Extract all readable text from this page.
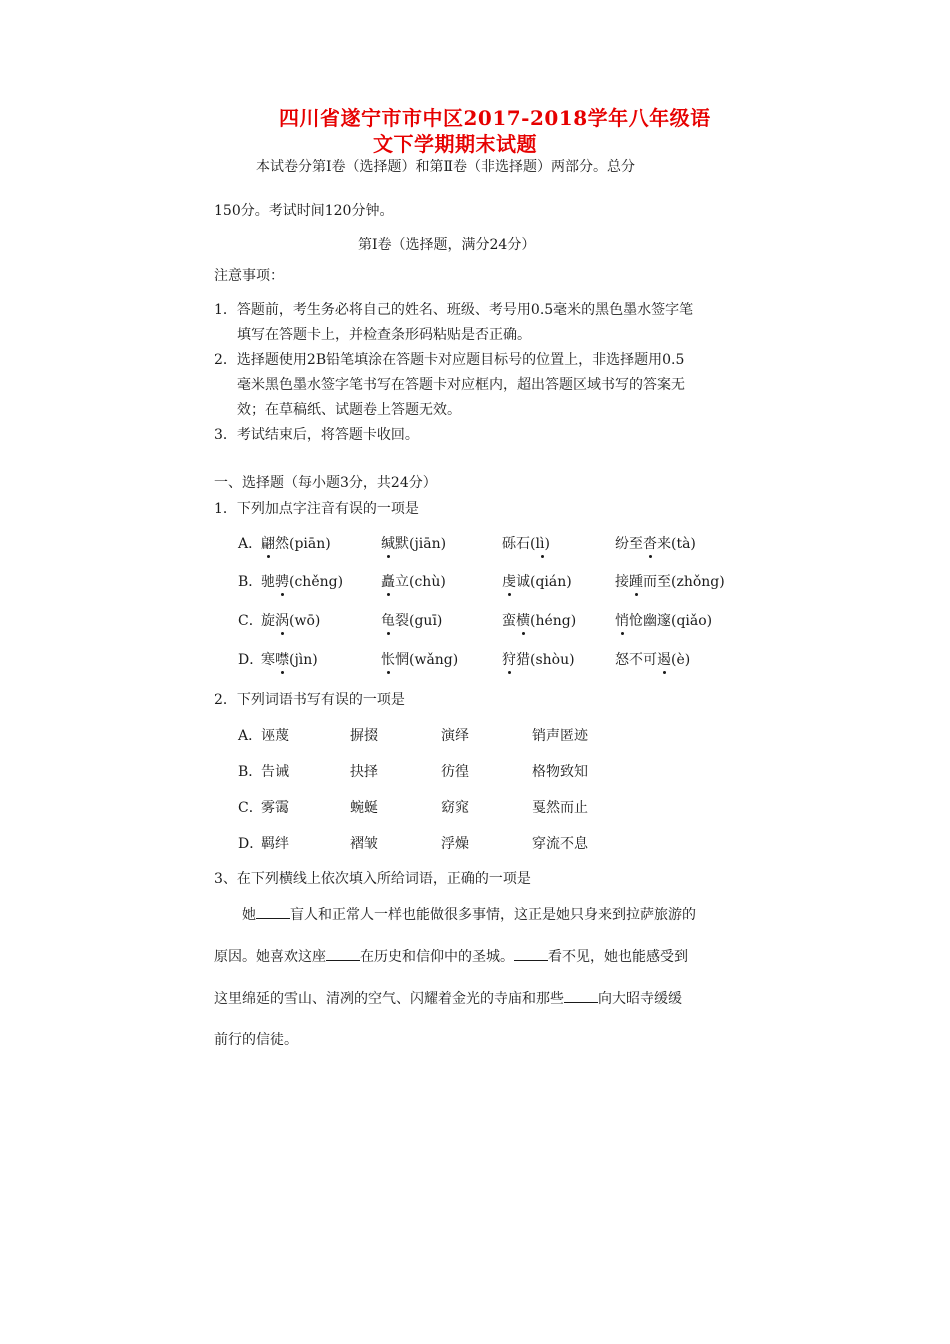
四川省遂宁市市中区2017-2018学年八年级语
文下学期期末试题
本试卷分第Ⅰ卷（选择题）和第Ⅱ卷（非选择题）两部分。总分
150分。考试时间120分钟。
第Ⅰ卷（选择题，满分24分）
注意事项：
1．答题前，考生务必将自己的姓名、班级、考号用0.5毫米的黑色墨水签字笔
填写在答题卡上，并检查条形码粘贴是否正确。
2．选择题使用2B铅笔填涂在答题卡对应题目标号的位置上，非选择题用0.5
毫米黑色墨水签字笔书写在答题卡对应框内，超出答题区域书写的答案无
效；在草稿纸、试题卷上答题无效。
3．考试结束后，将答题卡收回。
一、选择题（每小题3分，共24分）
1．下列加点字注音有误的一项是
A．
翩然(piān)	缄默(jiān)	砾石(lì)	纷至沓来(tà)
B．
驰骋(chěng)	矗立(chù)	虔诚(qián)	接踵而至(zhǒng)
C．
旋涡(wō)	龟裂(guī)	蛮横(héng)	悄怆幽邃(qiǎo)
D．
寒噤(jìn)	怅惘(wǎng)	狩猎(shòu)	怒不可遏(è)
2．下列词语书写有误的一项是
A．
诬蔑	摒掇	演绎	销声匿迹
B．
告诫	抉择	彷徨	格物致知
C．
雾霭	蜿蜒	窈窕	戛然而止
D．
羁绊	褶皱	浮燥	穿流不息
3、在下列横线上依次填入所给词语，正确的一项是
她 盲人和正常人一样也能做很多事情，这正是她只身来到拉萨旅游的
原因。她喜欢这座 在历史和信仰中的圣城。 看不见，她也能感受到
这里绵延的雪山、清冽的空气、闪耀着金光的寺庙和那些 向大昭寺缓缓
前行的信徒。
